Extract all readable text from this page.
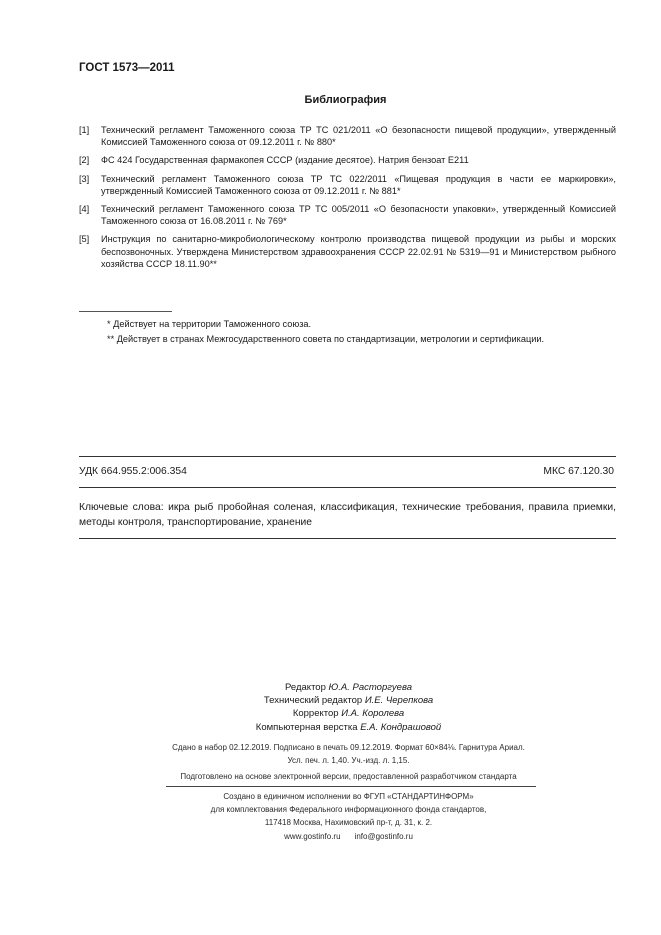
ГОСТ 1573—2011
Библиография
[1]	Технический регламент Таможенного союза ТР ТС 021/2011 «О безопасности пищевой продукции», утвержденный Комиссией Таможенного союза от 09.12.2011 г. № 880*
[2]	ФС 424 Государственная фармакопея СССР (издание десятое). Натрия бензоат Е211
[3]	Технический регламент Таможенного союза ТР ТС 022/2011 «Пищевая продукция в части ее маркировки», утвержденный Комиссией Таможенного союза от 09.12.2011 г. № 881*
[4]	Технический регламент Таможенного союза ТР ТС 005/2011 «О безопасности упаковки», утвержденный Комиссией Таможенного союза от 16.08.2011 г. № 769*
[5]	Инструкция по санитарно-микробиологическому контролю производства пищевой продукции из рыбы и морских беспозвоночных. Утверждена Министерством здравоохранения СССР 22.02.91 № 5319—91 и Министерством рыбного хозяйства СССР 18.11.90**
* Действует на территории Таможенного союза.
** Действует в странах Межгосударственного совета по стандартизации, метрологии и сертификации.
УДК 664.955.2:006.354	МКС 67.120.30
Ключевые слова: икра рыб пробойная соленая, классификация, технические требования, правила приемки, методы контроля, транспортирование, хранение
Редактор Ю.А. Расторгуева
Технический редактор И.Е. Черепкова
Корректор И.А. Королева
Компьютерная верстка Е.А. Кондрашовой
Сдано в набор 02.12.2019. Подписано в печать 09.12.2019. Формат 60×84⅛. Гарнитура Ариал.
Усл. печ. л. 1,40. Уч.-изд. л. 1,15.
Подготовлено на основе электронной версии, предоставленной разработчиком стандарта
Создано в единичном исполнении во ФГУП «СТАНДАРТИНФОРМ»
для комплектования Федерального информационного фонда стандартов,
117418 Москва, Нахимовский пр-т, д. 31, к. 2.
www.gostinfo.ru info@gostinfo.ru
